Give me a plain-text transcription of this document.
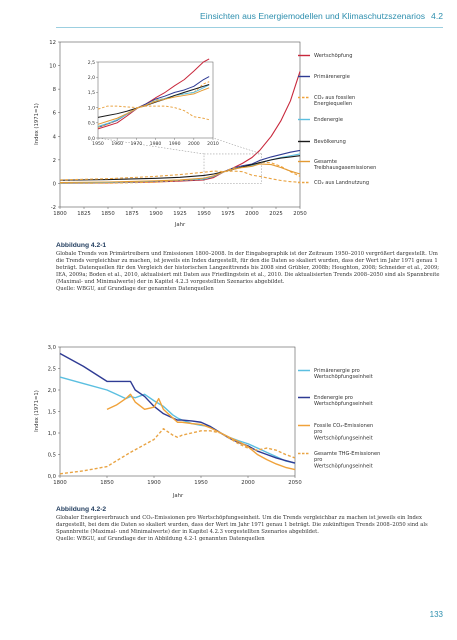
Einsichten aus Energiemodellen und Klimaschutzszenarios 4.2
-2
0
2
4
6
8
10
12
1800 1825 1850 1875 1900 1925 1950 1975 2000 2025 2050
Jahr
Index (1971=1)	0,0
0,5
1,0
1,5
2,0
2,5
1950 1960 1970 1980 1990 2000 2010
Wertschöpfung
Primärenergie
CO₂ aus fossilen Energiequellen
Endenergie
Bevölkerung
Gesamte Treibhausgasemissionen
CO₂ aus Landnutzung
Abbildung 4.2-1

Globale Trends von Primärtreibern und Emissionen 1800–2008. In der Eingabegraphik ist der Zeitraum 1950–2010 vergrößert dargestellt. Um die Trends vergleichbar zu machen, ist jeweils ein Index dargestellt, für den die Daten so skaliert wurden, dass der Wert im Jahr 1971 genau 1 beträgt. Datenquellen für den Vergleich der historischen Langzeittrends bis 2008 sind Grübler, 2008b; Houghton, 2008; Schneider et al., 2009; IEA, 2009a; Boden et al., 2010, aktualisiert mit Daten aus Friedlingstein et al., 2010. Die aktualisierten Trends 2008–2050 sind als Spannbreite (Maximal- und Minimalwerte) der in Kapitel 4.2.3 vorgestellten Szenarios abgebildet.

Quelle: WBGU, auf Grundlage der genannten Datenquellen

0,0
0,5
1,0
1,5
2,0
2,5
3,0
1800	1850	1900	1950	2000	2050
Jahr
Index (1971=1)
Primärenergie pro Wertschöpfungseinheit
Endenergie pro Wertschöpfungseinheit
Fossile CO₂-Emissionen pro Wertschöpfungseinheit
Gesamte THG-Emissionen pro Wertschöpfungseinheit
Abbildung 4.2-2

Globaler Energieverbrauch und CO₂-Emissionen pro Wertschöpfungseinheit. Um die Trends vergleichbar zu machen ist jeweils ein Index dargestellt, bei dem die Daten so skaliert wurden, dass der Wert im Jahr 1971 genau 1 beträgt. Die zukünftigen Trends 2008–2050 sind als Spannbreite (Maximal- und Minimalwerte) der in Kapitel 4.2.3 vorgestellten Szenarios abgebildet.

Quelle: WBGU, auf Grundlage der in Abbildung 4.2-1 genannten Datenquellen

133
